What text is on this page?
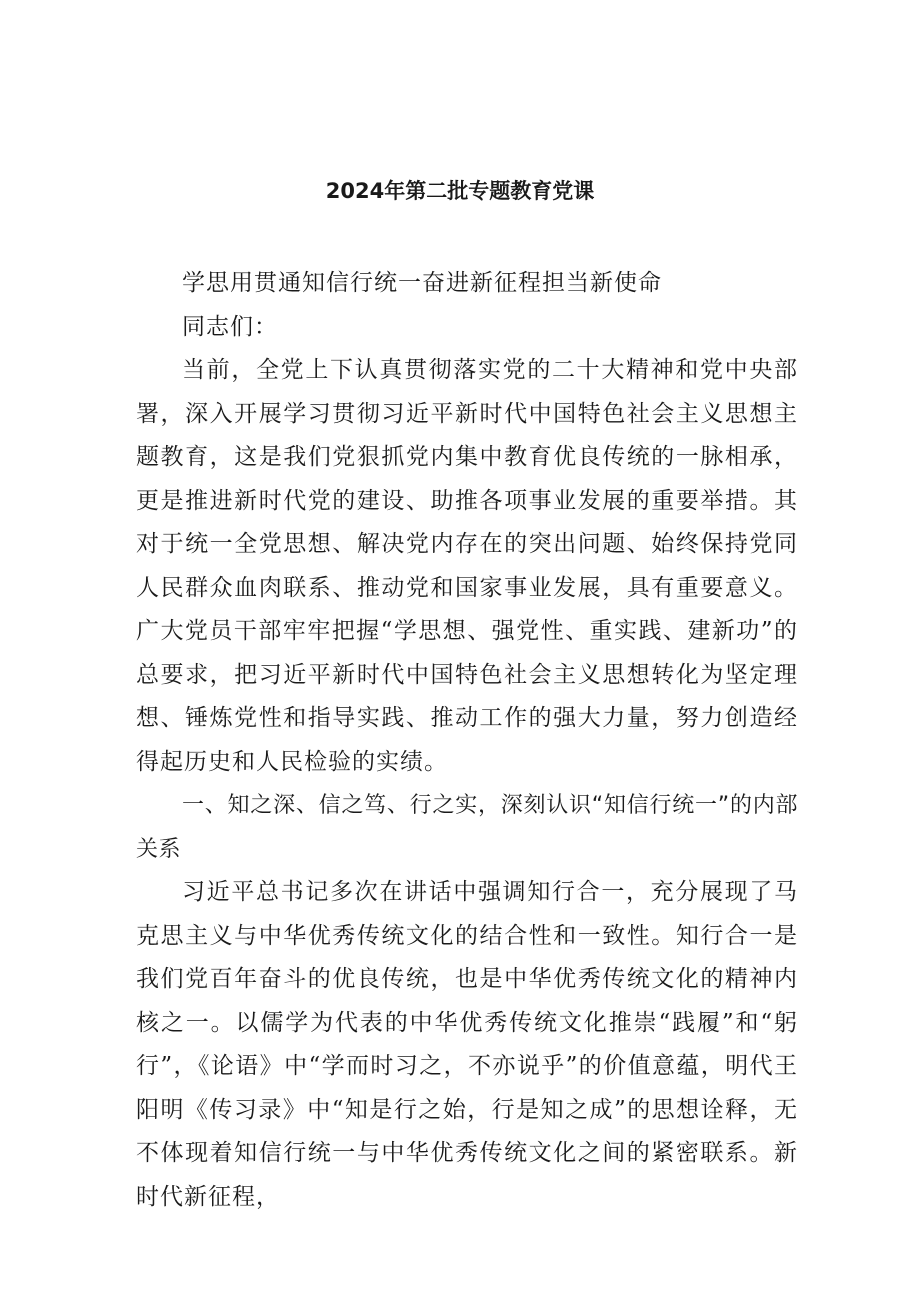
2024年第二批专题教育党课

学思用贯通知信行统一奋进新征程担当新使命

同志们：

当前，全党上下认真贯彻落实党的二十大精神和党中央部署，深入开展学习贯彻习近平新时代中国特色社会主义思想主题教育，这是我们党狠抓党内集中教育优良传统的一脉相承，更是推进新时代党的建设、助推各项事业发展的重要举措。其对于统一全党思想、解决党内存在的突出问题、始终保持党同人民群众血肉联系、推动党和国家事业发展，具有重要意义。广大党员干部牢牢把握“学思想、强党性、重实践、建新功”的总要求，把习近平新时代中国特色社会主义思想转化为坚定理想、锤炼党性和指导实践、推动工作的强大力量，努力创造经得起历史和人民检验的实绩。

一、知之深、信之笃、行之实，深刻认识“知信行统一”的内部关系

习近平总书记多次在讲话中强调知行合一，充分展现了马克思主义与中华优秀传统文化的结合性和一致性。知行合一是我们党百年奋斗的优良传统，也是中华优秀传统文化的精神内核之一。以儒学为代表的中华优秀传统文化推崇“践履”和“躬行”，《论语》中“学而时习之，不亦说乎”的价值意蕴，明代王阳明《传习录》中“知是行之始，行是知之成”的思想诠释，无不体现着知信行统一与中华优秀传统文化之间的紧密联系。新时代新征程，
